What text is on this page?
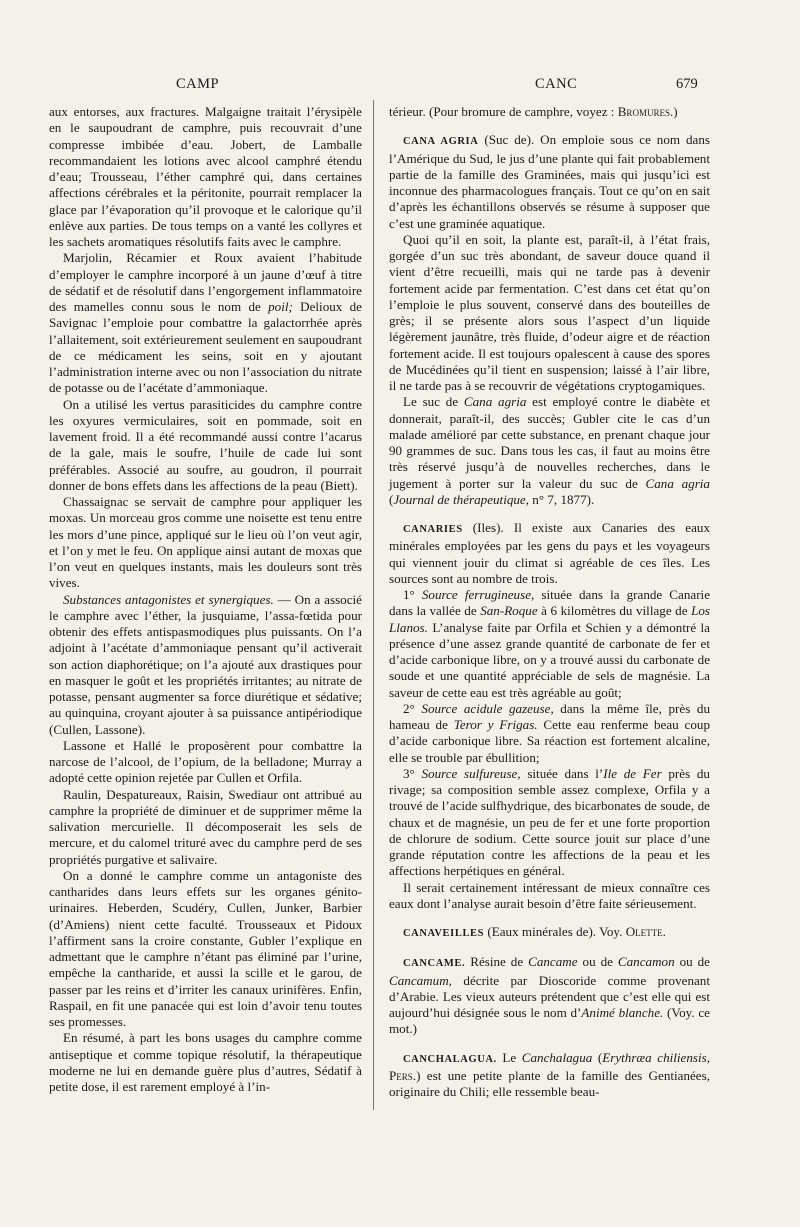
CAMP	CANC	679

aux entorses, aux fractures. Malgaigne traitait l’érysipèle en le saupoudrant de camphre, puis recouvrait d’une compresse imbibée d’eau. Jobert, de Lamballe recommandaient les lotions avec alcool camphré étendu d’eau; Trousseau, l’éther camphré qui, dans certaines affections cérébrales et la péritonite, pourrait remplacer la glace par l’évaporation qu’il provoque et le calorique qu’il enlève aux parties. De tous temps on a vanté les collyres et les sachets aromatiques résolutifs faits avec le camphre.

Marjolin, Récamier et Roux avaient l’habitude d’employer le camphre incorporé à un jaune d’œuf à titre de sédatif et de résolutif dans l’engorgement inflammatoire des mamelles connu sous le nom de poil; Delioux de Savignac l’emploie pour combattre la galactorrhée après l’allaitement, soit extérieurement seulement en saupoudrant de ce médicament les seins, soit en y ajoutant l’administration interne avec ou non l’association du nitrate de potasse ou de l’acétate d’ammoniaque.

On a utilisé les vertus parasiticides du camphre contre les oxyures vermiculaires, soit en pommade, soit en lavement froid. Il a été recommandé aussi contre l’acarus de la gale, mais le soufre, l’huile de cade lui sont préférables. Associé au soufre, au goudron, il pourrait donner de bons effets dans les affections de la peau (Biett).

Chassaignac se servait de camphre pour appliquer les moxas. Un morceau gros comme une noisette est tenu entre les mors d’une pince, appliqué sur le lieu où l’on veut agir, et l’on y met le feu. On applique ainsi autant de moxas que l’on veut en quelques instants, mais les douleurs sont très vives.

Substances antagonistes et synergiques. — On a associé le camphre avec l’éther, la jusquiame, l’assa-fœtida pour obtenir des effets antispasmodiques plus puissants. On l’a adjoint à l’acétate d’ammoniaque pensant qu’il activerait son action diaphorétique; on l’a ajouté aux drastiques pour en masquer le goût et les propriétés irritantes; au nitrate de potasse, pensant augmenter sa force diurétique et sédative; au quinquina, croyant ajouter à sa puissance antipériodique (Cullen, Lassone).

Lassone et Hallé le proposèrent pour combattre la narcose de l’alcool, de l’opium, de la belladone; Murray a adopté cette opinion rejetée par Cullen et Orfila.

Raulin, Despatureaux, Raisin, Swediaur ont attribué au camphre la propriété de diminuer et de supprimer même la salivation mercurielle. Il décomposerait les sels de mercure, et du calomel trituré avec du camphre perd de ses propriétés purgative et salivaire.

On a donné le camphre comme un antagoniste des cantharides dans leurs effets sur les organes génito-urinaires. Heberden, Scudéry, Cullen, Junker, Barbier (d’Amiens) nient cette faculté. Trousseaux et Pidoux l’affirment sans la croire constante, Gubler l’explique en admettant que le camphre n’étant pas éliminé par l’urine, empêche la cantharide, et aussi la scille et le garou, de passer par les reins et d’irriter les canaux urinifères. Enfin, Raspail, en fit une panacée qui est loin d’avoir tenu toutes ses promesses.

En résumé, à part les bons usages du camphre comme antiseptique et comme topique résolutif, la thérapeutique moderne ne lui en demande guère plus d’autres, Sédatif à petite dose, il est rarement employé à l’in-

térieur. (Pour bromure de camphre, voyez : Bromures.)

CANA AGRIA (Suc de). On emploie sous ce nom dans l’Amérique du Sud, le jus d’une plante qui fait probablement partie de la famille des Graminées, mais qui jusqu’ici est inconnue des pharmacologues français. Tout ce qu’on en sait d’après les échantillons observés se résume à supposer que c’est une graminée aquatique.

Quoi qu’il en soit, la plante est, paraît-il, à l’état frais, gorgée d’un suc très abondant, de saveur douce quand il vient d’être recueilli, mais qui ne tarde pas à devenir fortement acide par fermentation. C’est dans cet état qu’on l’emploie le plus souvent, conservé dans des bouteilles de grès; il se présente alors sous l’aspect d’un liquide légèrement jaunâtre, très fluide, d’odeur aigre et de réaction fortement acide. Il est toujours opalescent à cause des spores de Mucédinées qu’il tient en suspension; laissé à l’air libre, il ne tarde pas à se recouvrir de végétations cryptogamiques.

Le suc de Cana agria est employé contre le diabète et donnerait, paraît-il, des succès; Gubler cite le cas d’un malade amélioré par cette substance, en prenant chaque jour 90 grammes de suc. Dans tous les cas, il faut au moins être très réservé jusqu’à de nouvelles recherches, dans le jugement à porter sur la valeur du suc de Cana agria (Journal de thérapeutique, n° 7, 1877).

CANARIES (Iles). Il existe aux Canaries des eaux minérales employées par les gens du pays et les voyageurs qui viennent jouir du climat si agréable de ces îles. Les sources sont au nombre de trois.

1° Source ferrugineuse, située dans la grande Canarie dans la vallée de San-Roque à 6 kilomètres du village de Los Llanos. L’analyse faite par Orfila et Schien y a démontré la présence d’une assez grande quantité de carbonate de fer et d’acide carbonique libre, on y a trouvé aussi du carbonate de soude et une quantité appréciable de sels de magnésie. La saveur de cette eau est très agréable au goût;

2° Source acidule gazeuse, dans la même île, près du hameau de Teror y Frigas. Cette eau renferme beau coup d’acide carbonique libre. Sa réaction est fortement alcaline, elle se trouble par ébullition;

3° Source sulfureuse, située dans l’Ile de Fer près du rivage; sa composition semble assez complexe, Orfila y a trouvé de l’acide sulfhydrique, des bicarbonates de soude, de chaux et de magnésie, un peu de fer et une forte proportion de chlorure de sodium. Cette source jouit sur place d’une grande réputation contre les affections de la peau et les affections herpétiques en général.

Il serait certainement intéressant de mieux connaître ces eaux dont l’analyse aurait besoin d’être faite sérieusement.

CANAVEILLES (Eaux minérales de). Voy. Olette.

CANCAME. Résine de Cancame ou de Cancamon ou de Cancamum, décrite par Dioscoride comme provenant d’Arabie. Les vieux auteurs prétendent que c’est elle qui est aujourd’hui désignée sous le nom d’Animé blanche. (Voy. ce mot.)

CANCHALAGUA. Le Canchalagua (Erythræa chiliensis, Pers.) est une petite plante de la famille des Gentianées, originaire du Chili; elle ressemble beau-
